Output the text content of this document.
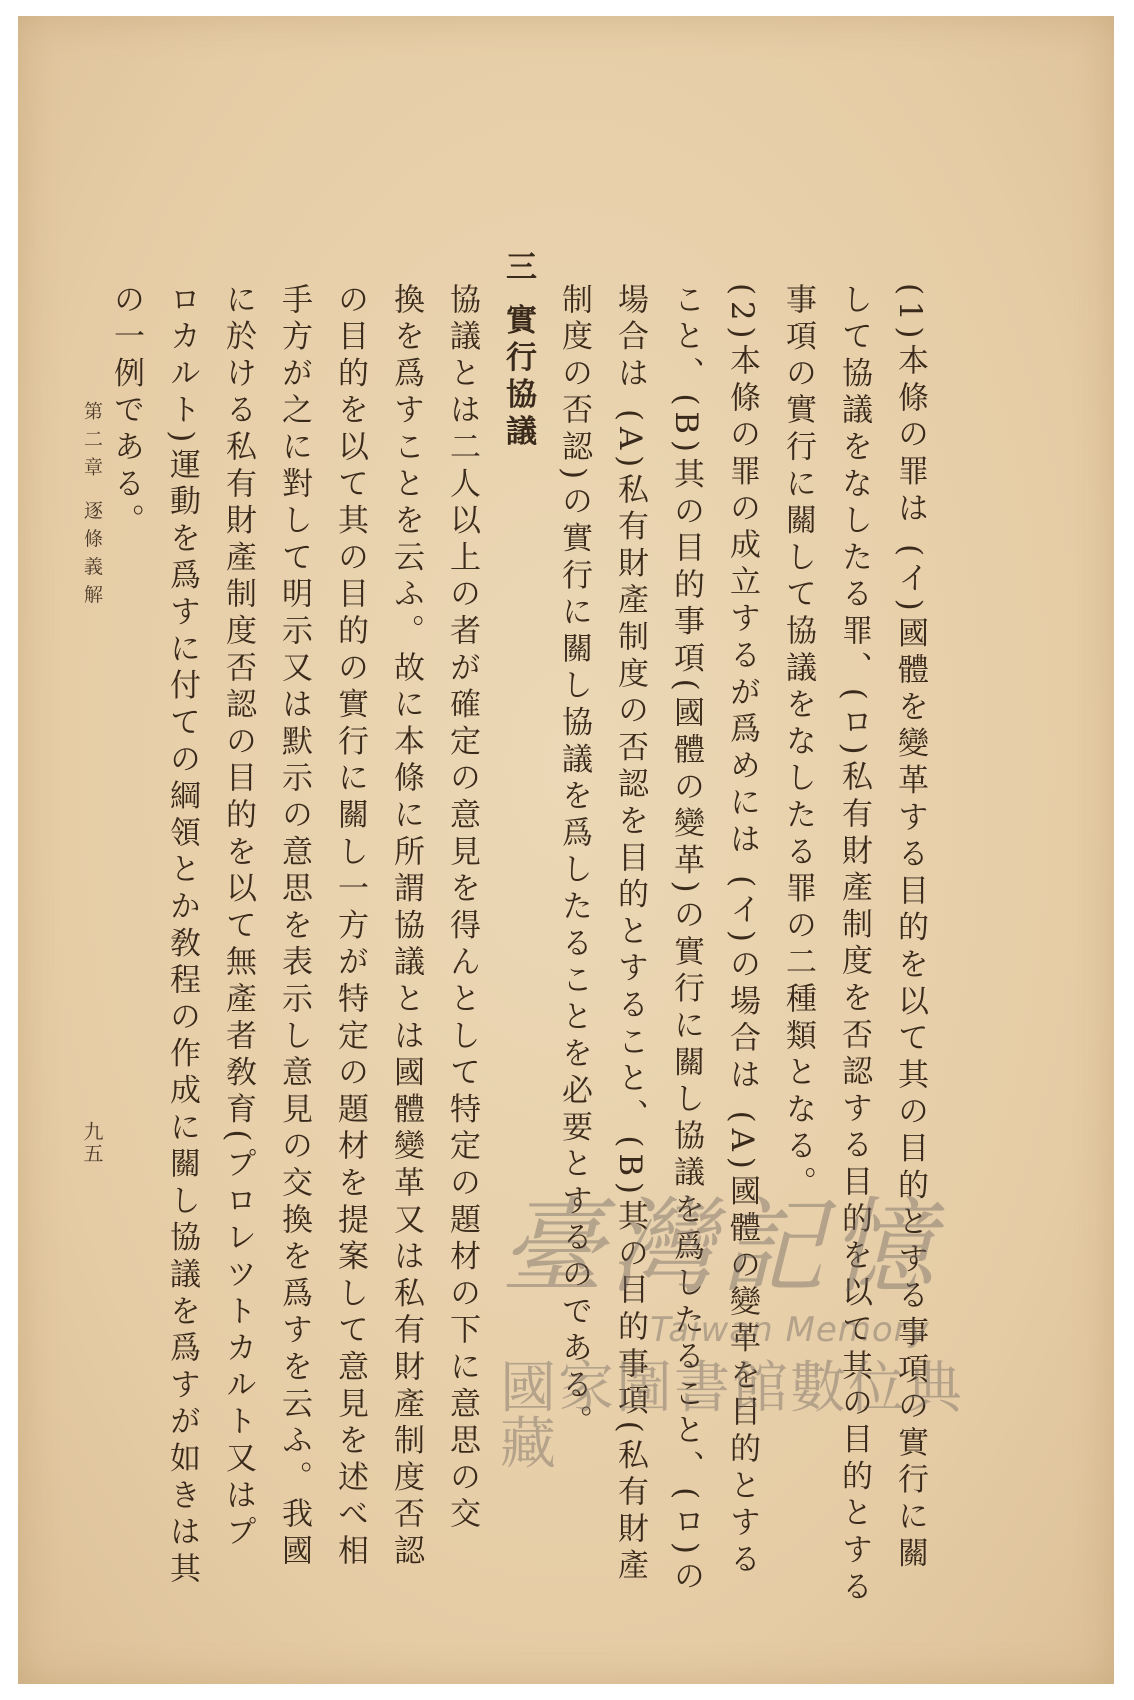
(1)本條の罪は (イ)國體を變革する目的を以て其の目的とする事項の實行に關
して協議をなしたる罪、(ロ)私有財產制度を否認する目的を以て其の目的とする
事項の實行に關して協議をなしたる罪の二種類となる。
(2)本條の罪の成立するが爲めには (イ)の場合は (A)國體の變革を目的とする
こと、(B)其の目的事項(國體の變革)の實行に關し協議を爲したること、(ロ)の
場合は (A)私有財產制度の否認を目的とすること、(B)其の目的事項(私有財產
制度の否認)の實行に關し協議を爲したることを必要とするのである。
三 實行協議
協議とは二人以上の者が確定の意見を得んとして特定の題材の下に意思の交
換を爲すことを云ふ。故に本條に所謂協議とは國體變革又は私有財產制度否認
の目的を以て其の目的の實行に關し一方が特定の題材を提案して意見を述べ相
手方が之に對して明示又は默示の意思を表示し意見の交換を爲すを云ふ。我國
に於ける私有財產制度否認の目的を以て無產者敎育(プロレツトカルト又はプ
ロカルト)運動を爲すに付ての綱領とか敎程の作成に關し協議を爲すが如きは其
の一例である。
第二章 逐條義解
九五
臺灣記憶
Taiwan Memory
國家圖書館數位典藏
